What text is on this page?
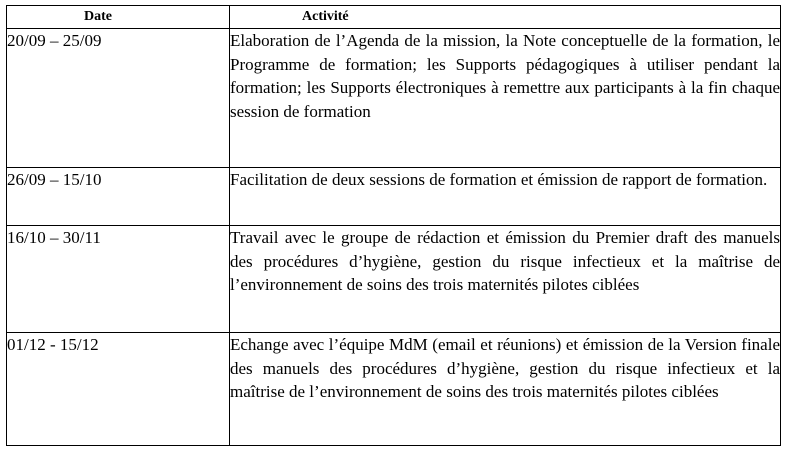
Date	Activité
20/09 – 25/09	Elaboration de l’Agenda de la mission, la Note conceptuelle de la formation, le Programme de formation; les Supports pédagogiques à utiliser pendant la formation; les Supports électroniques à remettre aux participants à la fin chaque session de formation
26/09 – 15/10	Facilitation de deux sessions de formation et émission de rapport de formation.
16/10 – 30/11	Travail avec le groupe de rédaction et émission du Premier draft des manuels des procédures d’hygiène, gestion du risque infectieux et la maîtrise de l’environnement de soins des trois maternités pilotes ciblées
01/12 - 15/12	Echange avec l’équipe MdM (email et réunions) et émission de la Version finale des manuels des procédures d’hygiène, gestion du risque infectieux et la maîtrise de l’environnement de soins des trois maternités pilotes ciblées
